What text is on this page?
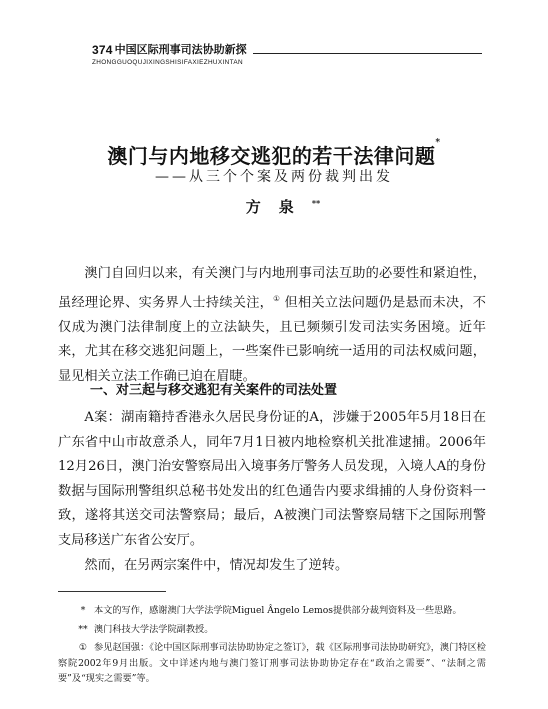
374 中国区际刑事司法协助新探
ZHONGGUOQUJIXINGSHISIFAXIEZHUXINTAN
澳门与内地移交逃犯的若干法律问题*
——从三个个案及两份裁判出发
方泉**
澳门自回归以来，有关澳门与内地刑事司法互助的必要性和紧迫性，虽经理论界、实务界人士持续关注，① 但相关立法问题仍是悬而未决，不仅成为澳门法律制度上的立法缺失，且已频频引发司法实务困境。近年来，尤其在移交逃犯问题上，一些案件已影响统一适用的司法权威问题，显见相关立法工作确已迫在眉睫。
一、对三起与移交逃犯有关案件的司法处置
A案：湖南籍持香港永久居民身份证的A，涉嫌于2005年5月18日在广东省中山市故意杀人，同年7月1日被内地检察机关批准逮捕。2006年12月26日，澳门治安警察局出入境事务厅警务人员发现，入境人A的身份数据与国际刑警组织总秘书处发出的红色通告内要求缉捕的人身份资料一致，遂将其送交司法警察局；最后，A被澳门司法警察局辖下之国际刑警支局移送广东省公安厅。
然而，在另两宗案件中，情况却发生了逆转。

* 本文的写作，感谢澳门大学法学院Miguel Ângelo Lemos提供部分裁判资料及一些思路。

** 澳门科技大学法学院副教授。

① 参见赵国强：《论中国区际刑事司法协助协定之签订》，载《区际刑事司法协助研究》，澳门特区检察院2002年9月出版。文中详述内地与澳门签订刑事司法协助协定存在“政治之需要”、“法制之需要”及“现实之需要”等。
